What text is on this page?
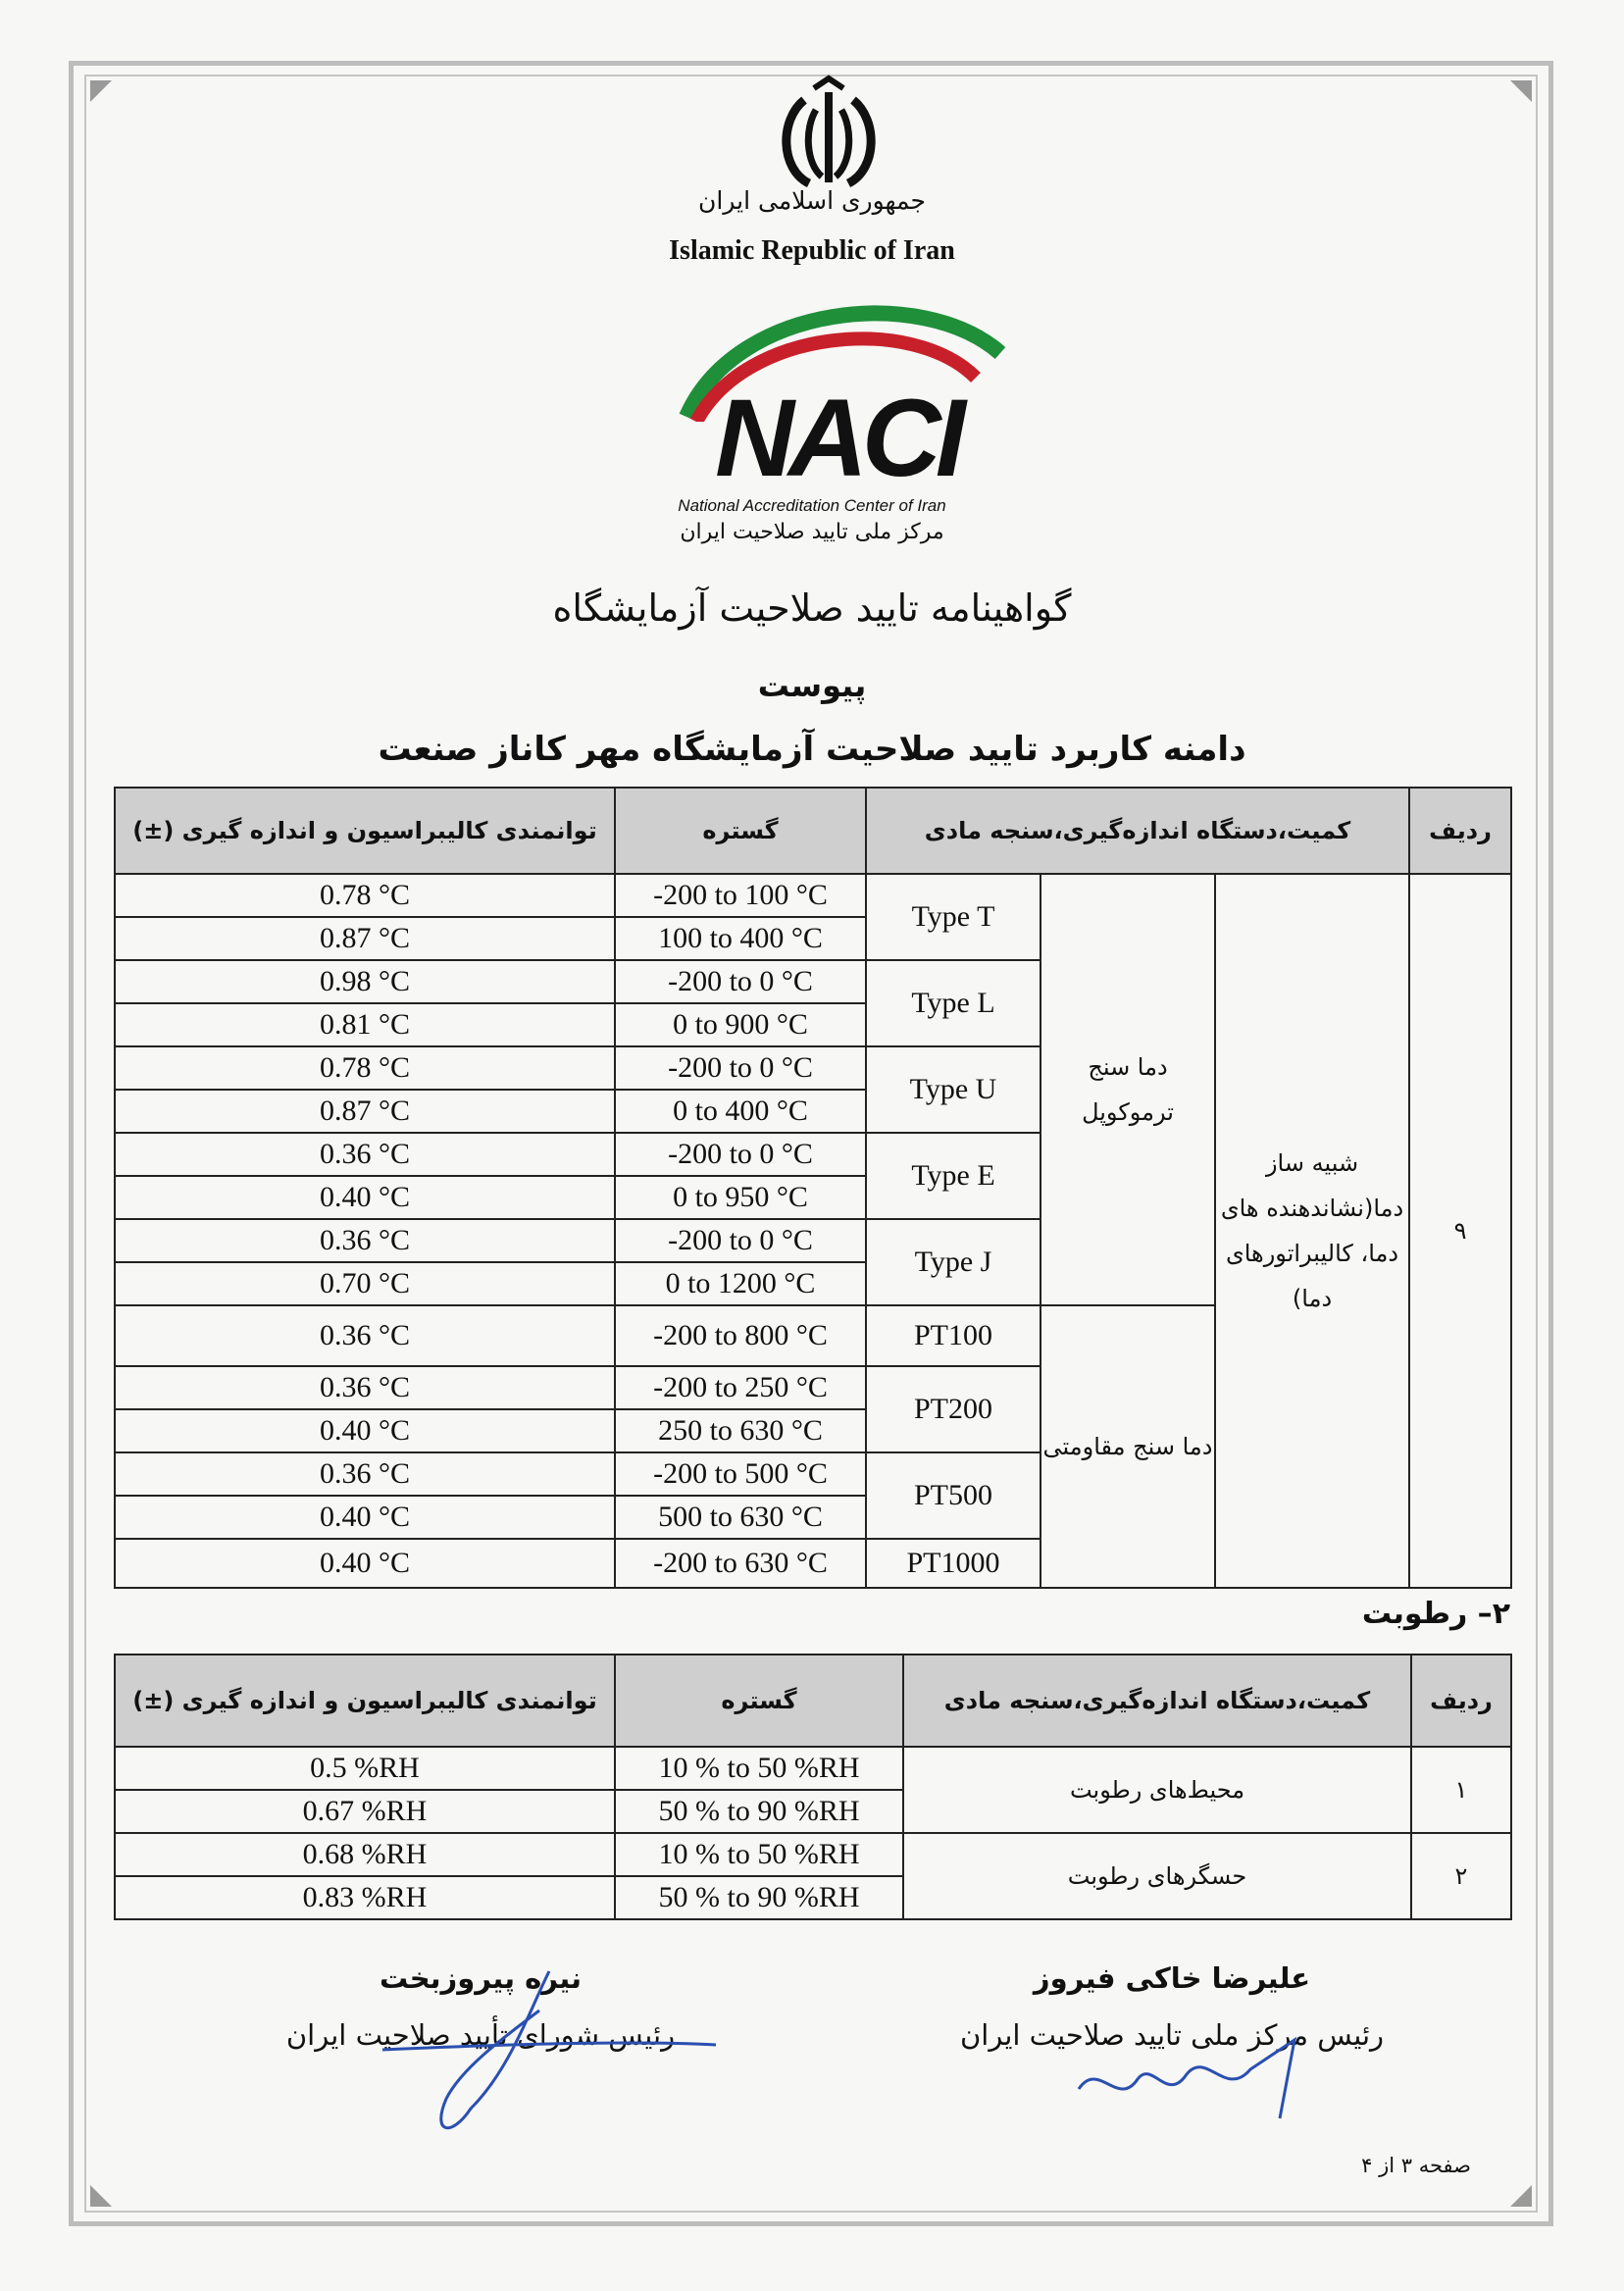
جمهوری اسلامی ایران
Islamic Republic of Iran
NACI
National Accreditation Center of Iran
مرکز ملی تایید صلاحیت ایران
گواهینامه تایید صلاحیت آزمایشگاه
پیوست
دامنه کاربرد تایید صلاحیت آزمایشگاه مهر کاناز صنعت
توانمندی کالیبراسیون و اندازه گیری (±)	گستره	کمیت،دستگاه اندازه‌گیری،سنجه مادی			ردیف
0.78 °C	-200 to 100 °C	Type T	دما سنج ترموکوپل	شبیه ساز دما(نشاندهنده های دما، کالیبراتورهای دما)	۹
0.87 °C	100 to 400 °C				
0.98 °C	-200 to 0 °C	Type L			
0.81 °C	0 to 900 °C				
0.78 °C	-200 to 0 °C	Type U			
0.87 °C	0 to 400 °C				
0.36 °C	-200 to 0 °C	Type E			
0.40 °C	0 to 950 °C				
0.36 °C	-200 to 0 °C	Type J			
0.70 °C	0 to 1200 °C				
0.36 °C	-200 to 800 °C	PT100	دما سنج مقاومتی		
0.36 °C	-200 to 250 °C	PT200			
0.40 °C	250 to 630 °C				
0.36 °C	-200 to 500 °C	PT500			
0.40 °C	500 to 630 °C				
0.40 °C	-200 to 630 °C	PT1000			
۲– رطوبت
توانمندی کالیبراسیون و اندازه گیری (±)	گستره	کمیت،دستگاه اندازه‌گیری،سنجه مادی	ردیف
0.5 %RH	10 % to 50 %RH	محیط‌های رطوبت	۱
0.67 %RH	50 % to 90 %RH		
0.68 %RH	10 % to 50 %RH	حسگرهای رطوبت	۲
0.83 %RH	50 % to 90 %RH		
نیره پیروزبخت
رئیس شورای تأیید صلاحیت ایران
علیرضا خاکی فیروز
رئیس مرکز ملی تایید صلاحیت ایران
صفحه ۳ از ۴
